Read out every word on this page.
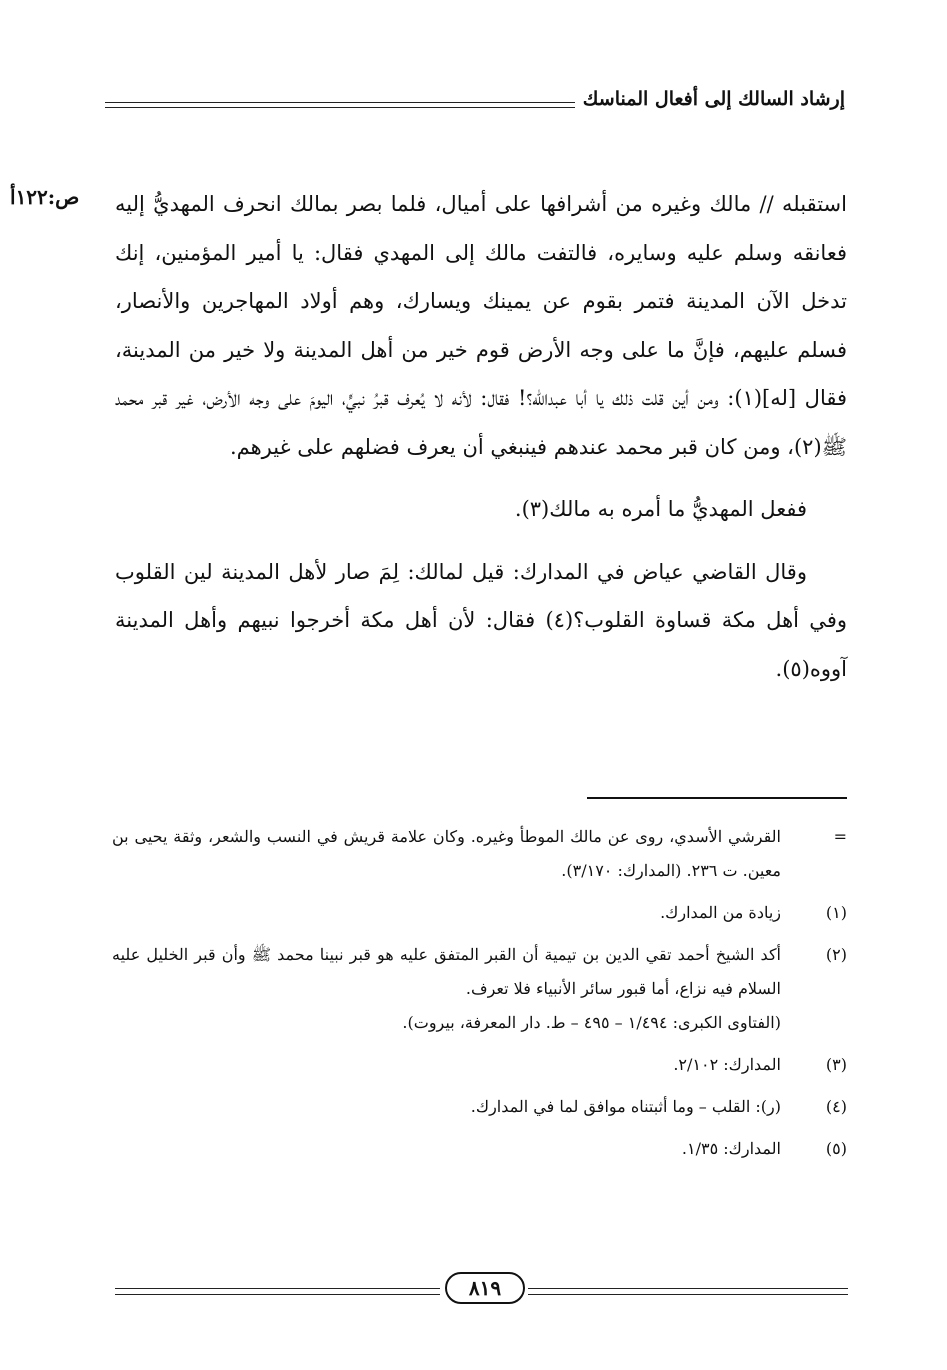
إرشاد السالك إلى أفعال المناسك
ص:١٢٢أ	استقبله // مالك وغيره من أشرافها على أميال، فلما بصر بمالك انحرف المهديُّ إليه فعانقه وسلم عليه وسايره، فالتفت مالك إلى المهدي فقال: يا أمير المؤمنين، إنك تدخل الآن المدينة فتمر بقوم عن يمينك ويسارك، وهم أولاد المهاجرين والأنصار، فسلم عليهم، فإنَّ ما على وجه الأرض قوم خير من أهل المدينة ولا خير من المدينة، فقال [له](١): ومن أين قلت ذلك يا أبا عبدالله؟! فقال: لأنه لا يُعرف قبرُ نبيٍّ، اليومَ على وجه الأرض، غير قبر محمد ﷺ(٢)، ومن كان قبر محمد عندهم فينبغي أن يعرف فضلهم على غيرهم.

ففعل المهديُّ ما أمره به مالك(٣).

وقال القاضي عياض في المدارك: قيل لمالك: لِمَ صار لأهل المدينة لين القلوب وفي أهل مكة قساوة القلوب؟(٤) فقال: لأن أهل مكة أخرجوا نبيهم وأهل المدينة آووه(٥).

=
القرشي الأسدي، روى عن مالك الموطأ وغيره. وكان علامة قريش في النسب والشعر، وثقة يحيى بن معين. ت ٢٣٦. (المدارك: ٣/١٧٠).
(١)
زيادة من المدارك.
(٢)
أكد الشيخ أحمد تقي الدين بن تيمية أن القبر المتفق عليه هو قبر نبينا محمد ﷺ وأن قبر الخليل عليه السلام فيه نزاع، أما قبور سائر الأنبياء فلا تعرف.
(الفتاوى الكبرى: ١/٤٩٤ – ٤٩٥ – ط. دار المعرفة، بيروت).
(٣)
المدارك: ٢/١٠٢.
(٤)
(ر): القلب – وما أثبتناه موافق لما في المدارك.
(٥)
المدارك: ١/٣٥.
٨١٩
